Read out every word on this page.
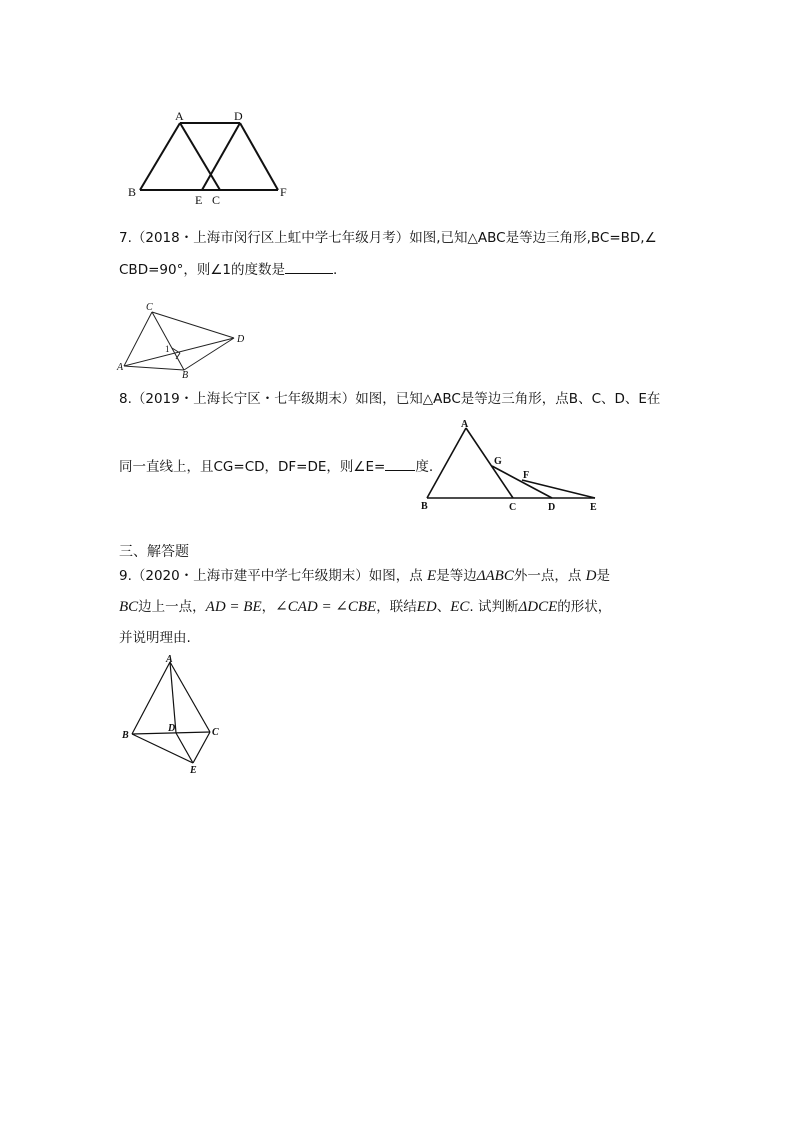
A	D
B
E C
F
7.（2018・上海市闵行区上虹中学七年级月考）如图,已知△ABC是等边三角形,BC=BD,∠
CBD=90°，则∠1的度数是	.
C
D
1
A
B
8.（2019・上海长宁区・七年级期末）如图，已知△ABC是等边三角形，点B、C、D、E在
同一直线上，且CG=CD，DF=DE，则∠E= 度.
A
G
F
B	C	D	E
三、解答题
9.（2020・上海市建平中学七年级期末）如图，点 E是等边ΔABC外一点，点 D是
BC边上一点，AD = BE，∠CAD = ∠CBE，联结ED、EC. 试判断ΔDCE的形状，
并说明理由.
A
D
B	C
E
